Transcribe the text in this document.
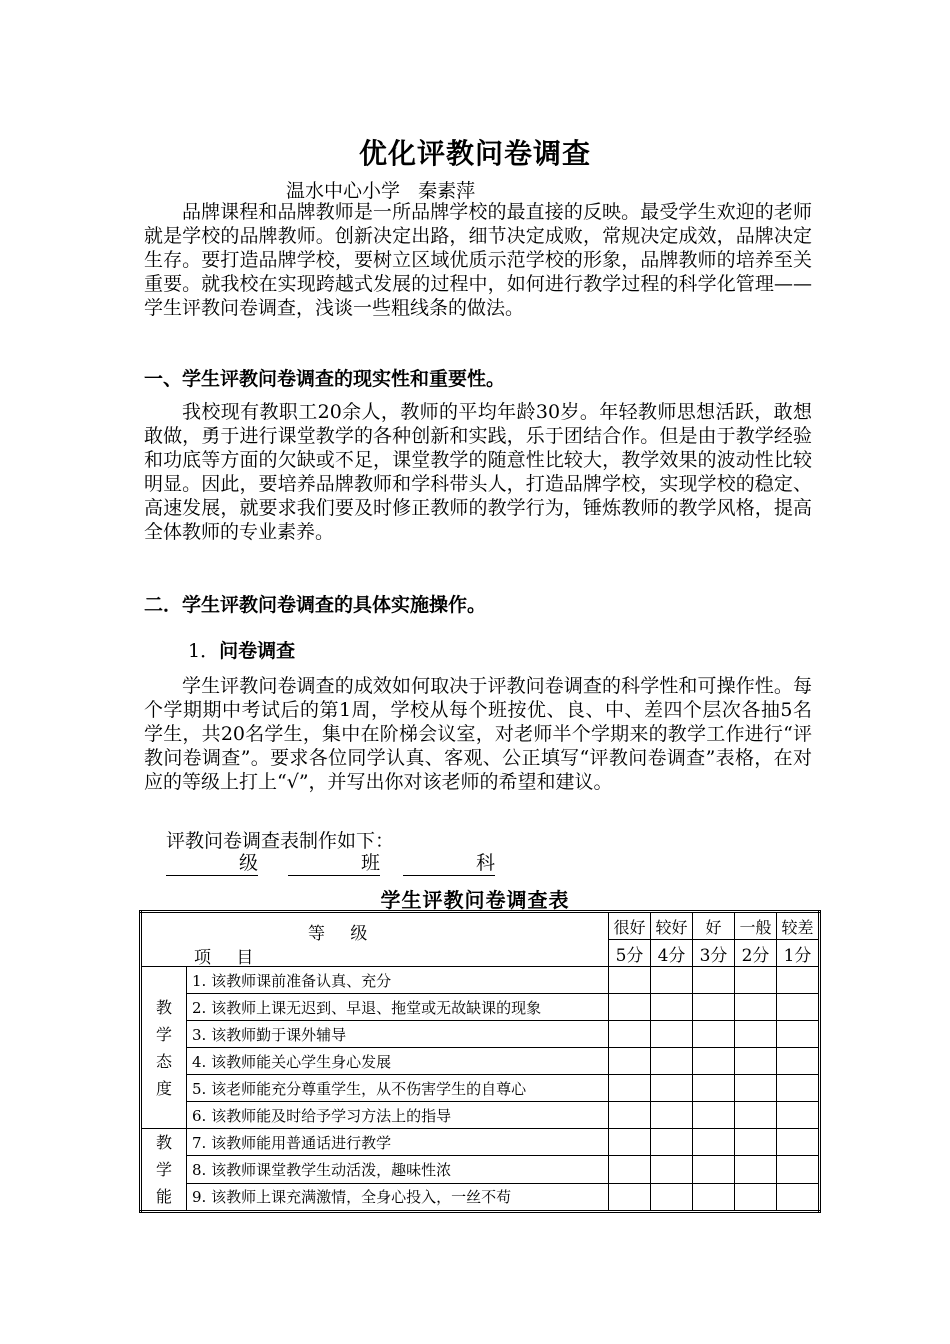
优化评教问卷调查
温水中心小学   秦素萍
品牌课程和品牌教师是一所品牌学校的最直接的反映。最受学生欢迎的老师就是学校的品牌教师。创新决定出路，细节决定成败，常规决定成效，品牌决定生存。要打造品牌学校，要树立区域优质示范学校的形象，品牌教师的培养至关重要。就我校在实现跨越式发展的过程中，如何进行教学过程的科学化管理——学生评教问卷调查，浅谈一些粗线条的做法。
一、学生评教问卷调查的现实性和重要性。
我校现有教职工20余人，教师的平均年龄30岁。年轻教师思想活跃，敢想敢做，勇于进行课堂教学的各种创新和实践，乐于团结合作。但是由于教学经验和功底等方面的欠缺或不足，课堂教学的随意性比较大，教学效果的波动性比较明显。因此，要培养品牌教师和学科带头人，打造品牌学校，实现学校的稳定、高速发展，就要求我们要及时修正教师的教学行为，锤炼教师的教学风格，提高全体教师的专业素养。
二．学生评教问卷调查的具体实施操作。
1．问卷调查
学生评教问卷调查的成效如何取决于评教问卷调查的科学性和可操作性。每个学期期中考试后的第1周，学校从每个班按优、良、中、差四个层次各抽5名学生，共20名学生，集中在阶梯会议室，对老师半个学期来的教学工作进行“评教问卷调查”。要求各位同学认真、客观、公正填写“评教问卷调查”表格，在对应的等级上打上“√”，并写出你对该老师的希望和建议。
评教问卷调查表制作如下：
级	班	科
学生评教问卷调查表
等 级
项 目		很好	较好	好	一般	较差
		5分	4分	3分	2分	1分

教
学
态
度	1. 该教师课前准备认真、充分					
	2. 该教师上课无迟到、早退、拖堂或无故缺课的现象					
	3. 该教师勤于课外辅导					
	4. 该教师能关心学生身心发展					
	5. 该老师能充分尊重学生，从不伤害学生的自尊心					
	6. 该教师能及时给予学习方法上的指导					

教
学
能	7. 该教师能用普通话进行教学					
	8. 该教师课堂教学生动活泼，趣味性浓					
	9. 该教师上课充满激情，全身心投入，一丝不苟					
